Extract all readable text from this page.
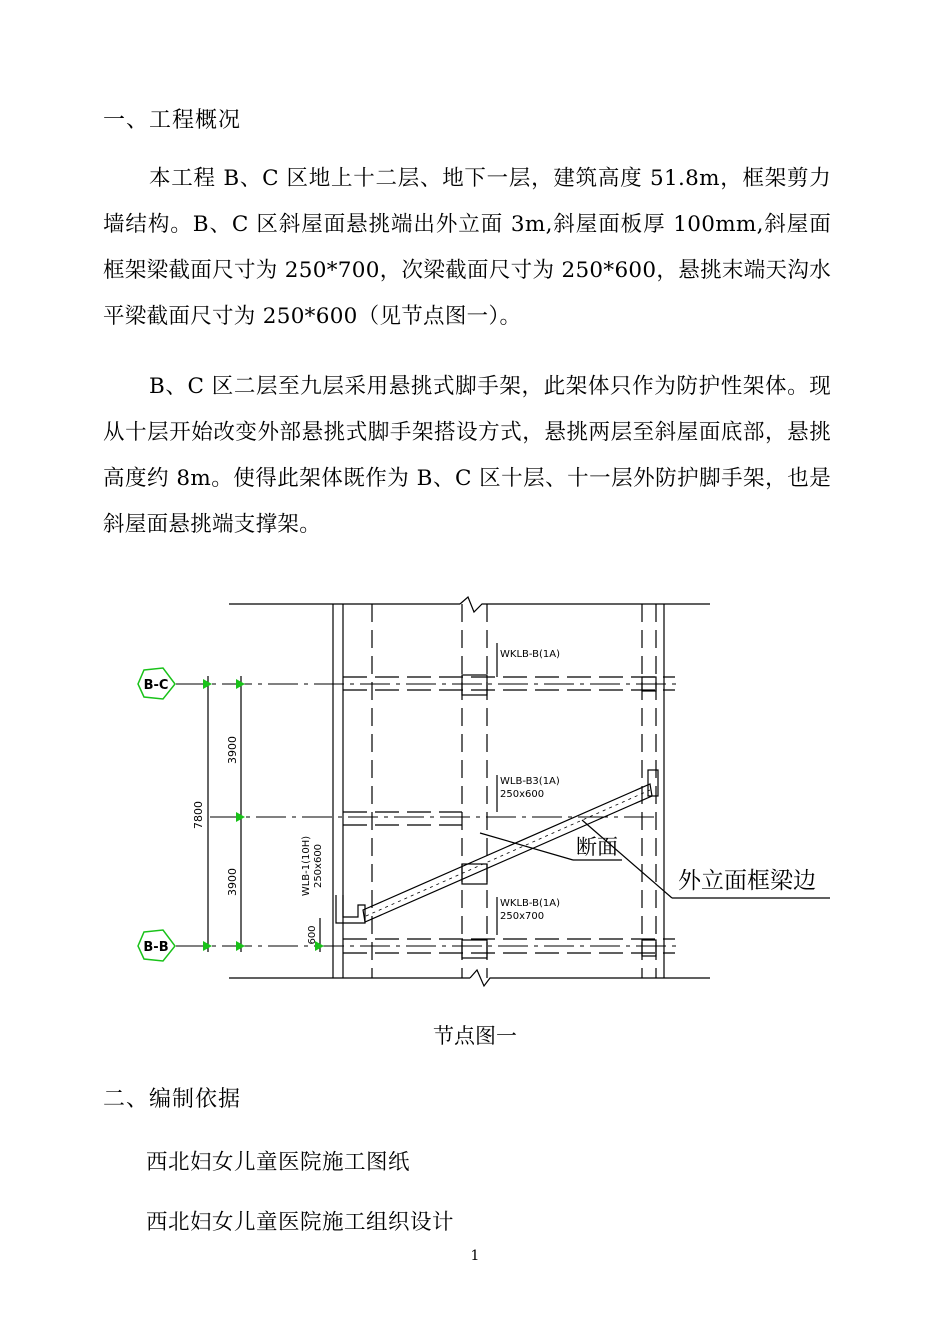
一、工程概况
本工程 B、C 区地上十二层、地下一层，建筑高度 51.8m，框架剪力墙结构。B、C 区斜屋面悬挑端出外立面 3m,斜屋面板厚 100mm,斜屋面框架梁截面尺寸为 250*700，次梁截面尺寸为 250*600，悬挑末端天沟水平梁截面尺寸为 250*600（见节点图一）。
B、C 区二层至九层采用悬挑式脚手架，此架体只作为防护性架体。现从十层开始改变外部悬挑式脚手架搭设方式，悬挑两层至斜屋面底部，悬挑高度约 8m。使得此架体既作为 B、C 区十层、十一层外防护脚手架，也是斜屋面悬挑端支撑架。
B-C
B-B
7800
3900
3900
600
WLB-1(10H) 250x600
WKLB-B(1A)
WLB-B3(1A)
250x600
WKLB-B(1A)
250x700
断面
外立面框梁边
节点图一
二、编制依据
西北妇女儿童医院施工图纸
西北妇女儿童医院施工组织设计
1
